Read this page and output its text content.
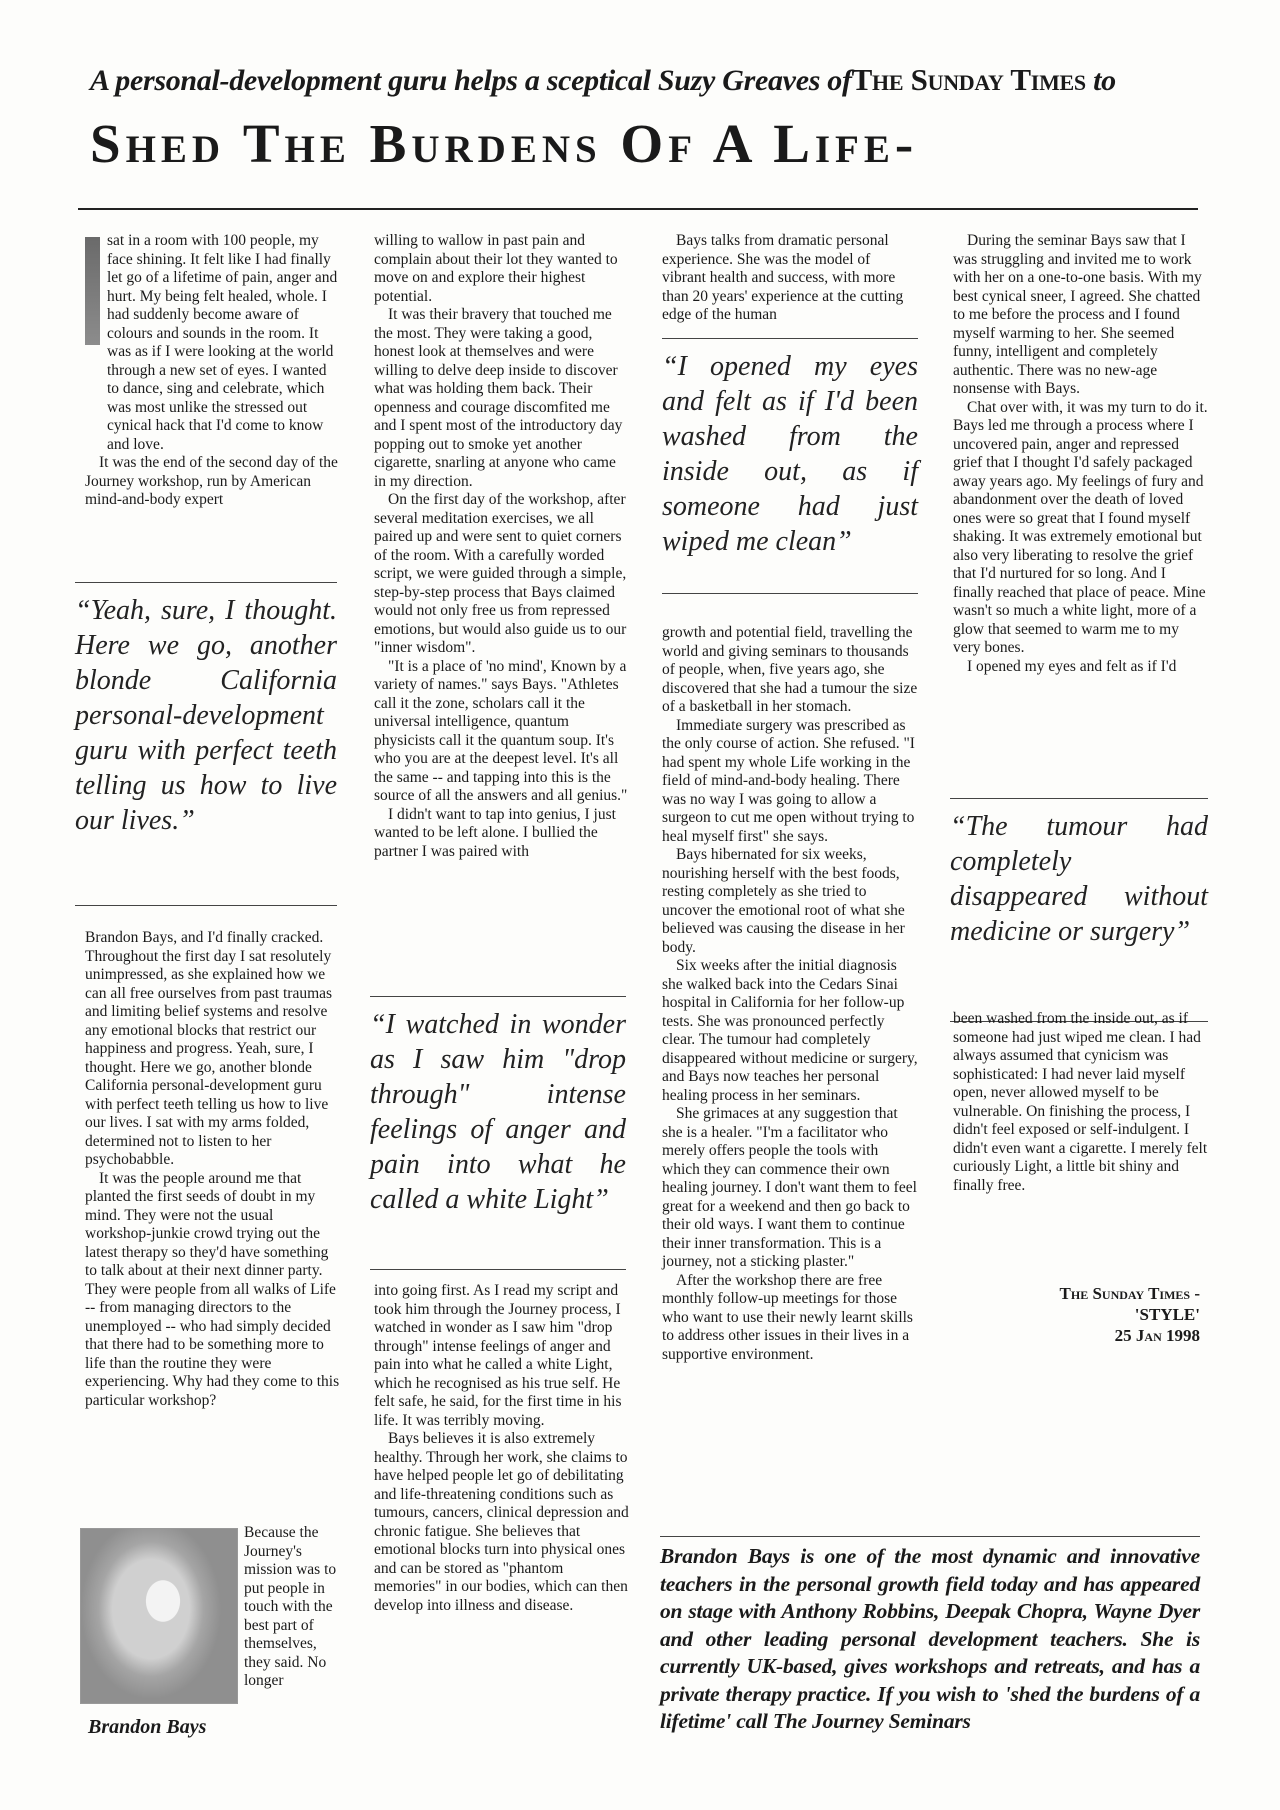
A personal-development guru helps a sceptical Suzy Greaves ofThe Sunday Times to
Shed The Burdens Of A Life-

sat in a room with 100 people, my face shining. It felt like I had finally let go of a lifetime of pain, anger and hurt. My being felt healed, whole. I had suddenly become aware of colours and sounds in the room. It was as if I were looking at the world through a new set of eyes. I wanted to dance, sing and celebrate, which was most unlike the stressed out cynical hack that I'd come to know and love.

It was the end of the second day of the Journey workshop, run by American mind-and-body expert

“Yeah, sure, I thought. Here we go, another blonde California personal-development guru with perfect teeth telling us how to live our lives.”

Brandon Bays, and I'd finally cracked. Throughout the first day I sat resolutely unimpressed, as she explained how we can all free ourselves from past traumas and limiting belief systems and resolve any emotional blocks that restrict our happiness and progress. Yeah, sure, I thought. Here we go, another blonde California personal-development guru with perfect teeth telling us how to live our lives. I sat with my arms folded, determined not to listen to her psychobabble.

It was the people around me that planted the first seeds of doubt in my mind. They were not the usual workshop-junkie crowd trying out the latest therapy so they'd have something to talk about at their next dinner party. They were people from all walks of Life -- from managing directors to the unemployed -- who had simply decided that there had to be something more to life than the routine they were experiencing. Why had they come to this particular workshop?

Brandon Bays

Because the Journey's mission was to put people in touch with the best part of themselves, they said. No longer

willing to wallow in past pain and complain about their lot they wanted to move on and explore their highest potential.

It was their bravery that touched me the most. They were taking a good, honest look at themselves and were willing to delve deep inside to discover what was holding them back. Their openness and courage discomfited me and I spent most of the introductory day popping out to smoke yet another cigarette, snarling at anyone who came in my direction.

On the first day of the workshop, after several meditation exercises, we all paired up and were sent to quiet corners of the room. With a carefully worded script, we were guided through a simple, step-by-step process that Bays claimed would not only free us from repressed emotions, but would also guide us to our "inner wisdom".

"It is a place of 'no mind', Known by a variety of names." says Bays. "Athletes call it the zone, scholars call it the universal intelligence, quantum physicists call it the quantum soup. It's who you are at the deepest level. It's all the same -- and tapping into this is the source of all the answers and all genius."

I didn't want to tap into genius, I just wanted to be left alone. I bullied the partner I was paired with

“I watched in wonder as I saw him "drop through" intense feelings of anger and pain into what he called a white Light”

into going first. As I read my script and took him through the Journey process, I watched in wonder as I saw him "drop through" intense feelings of anger and pain into what he called a white Light, which he recognised as his true self. He felt safe, he said, for the first time in his life. It was terribly moving.

Bays believes it is also extremely healthy. Through her work, she claims to have helped people let go of debilitating and life-threatening conditions such as tumours, cancers, clinical depression and chronic fatigue. She believes that emotional blocks turn into physical ones and can be stored as "phantom memories" in our bodies, which can then develop into illness and disease.

Bays talks from dramatic personal experience. She was the model of vibrant health and success, with more than 20 years' experience at the cutting edge of the human

“I opened my eyes and felt as if I'd been washed from the inside out, as if someone had just wiped me clean”

growth and potential field, travelling the world and giving seminars to thousands of people, when, five years ago, she discovered that she had a tumour the size of a basketball in her stomach.

Immediate surgery was prescribed as the only course of action. She refused. "I had spent my whole Life working in the field of mind-and-body healing. There was no way I was going to allow a surgeon to cut me open without trying to heal myself first" she says.

Bays hibernated for six weeks, nourishing herself with the best foods, resting completely as she tried to uncover the emotional root of what she believed was causing the disease in her body.

Six weeks after the initial diagnosis she walked back into the Cedars Sinai hospital in California for her follow-up tests. She was pronounced perfectly clear. The tumour had completely disappeared without medicine or surgery, and Bays now teaches her personal healing process in her seminars.

She grimaces at any suggestion that she is a healer. "I'm a facilitator who merely offers people the tools with which they can commence their own healing journey. I don't want them to feel great for a weekend and then go back to their old ways. I want them to continue their inner transformation. This is a journey, not a sticking plaster."

After the workshop there are free monthly follow-up meetings for those who want to use their newly learnt skills to address other issues in their lives in a supportive environment.

During the seminar Bays saw that I was struggling and invited me to work with her on a one-to-one basis. With my best cynical sneer, I agreed. She chatted to me before the process and I found myself warming to her. She seemed funny, intelligent and completely authentic. There was no new-age nonsense with Bays.

Chat over with, it was my turn to do it. Bays led me through a process where I uncovered pain, anger and repressed grief that I thought I'd safely packaged away years ago. My feelings of fury and abandonment over the death of loved ones were so great that I found myself shaking. It was extremely emotional but also very liberating to resolve the grief that I'd nurtured for so long. And I finally reached that place of peace. Mine wasn't so much a white light, more of a glow that seemed to warm me to my very bones.

I opened my eyes and felt as if I'd

“The tumour had completely disappeared without medicine or surgery”

been washed from the inside out, as if someone had just wiped me clean. I had always assumed that cynicism was sophisticated: I had never laid myself open, never allowed myself to be vulnerable. On finishing the process, I didn't feel exposed or self-indulgent. I didn't even want a cigarette. I merely felt curiously Light, a little bit shiny and finally free.

The Sunday Times -
'STYLE'
25 Jan 1998
Brandon Bays is one of the most dynamic and innovative teachers in the personal growth field today and has appeared on stage with Anthony Robbins, Deepak Chopra, Wayne Dyer and other leading personal development teachers. She is currently UK-based, gives workshops and retreats, and has a private therapy practice. If you wish to 'shed the burdens of a lifetime' call The Journey Seminars
